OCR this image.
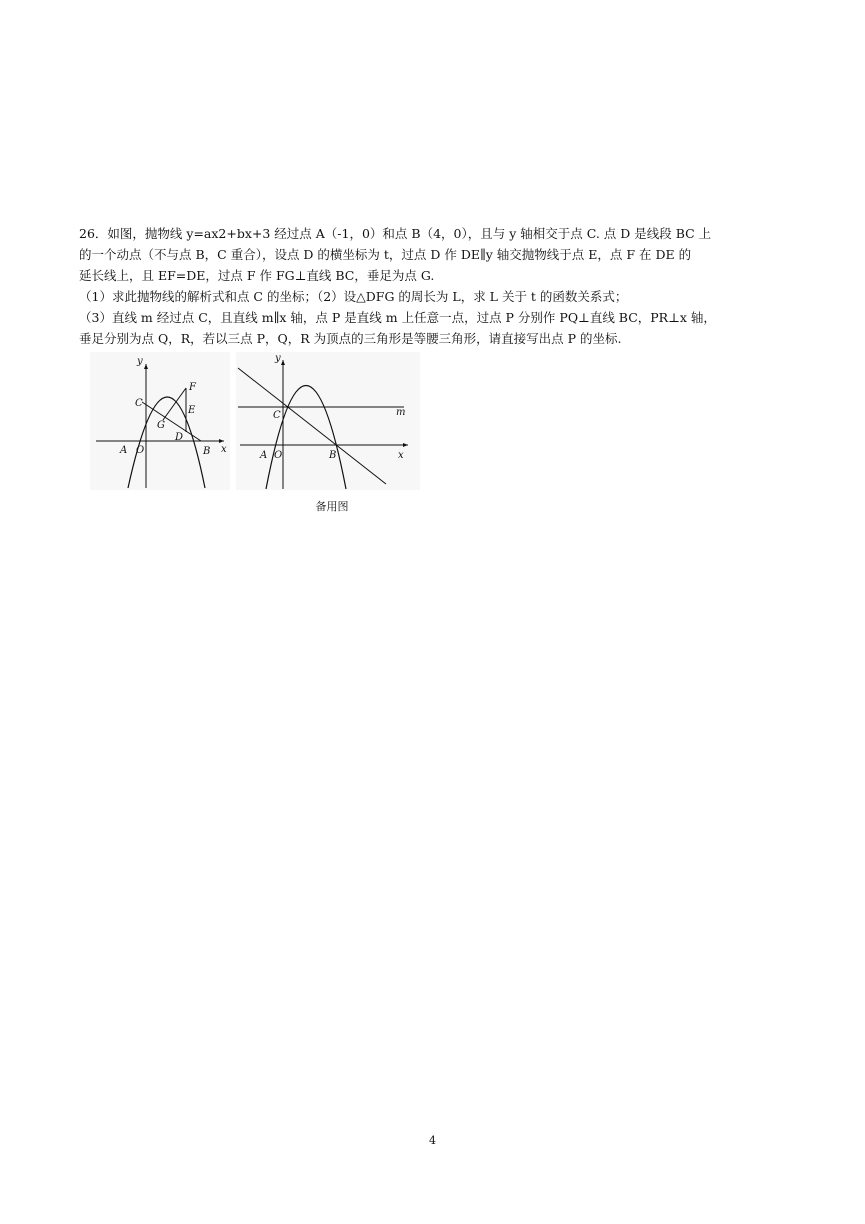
26．如图，抛物线 y=ax2+bx+3 经过点 A（-1，0）和点 B（4，0），且与 y 轴相交于点 C. 点 D 是线段 BC 上

的一个动点（不与点 B，C 重合），设点 D 的横坐标为 t，过点 D 作 DE∥y 轴交抛物线于点 E，点 F 在 DE 的

延长线上，且 EF=DE，过点 F 作 FG⊥直线 BC，垂足为点 G.

（1）求此抛物线的解析式和点 C 的坐标；（2）设△DFG 的周长为 L，求 L 关于 t 的函数关系式；

（3）直线 m 经过点 C，且直线 m∥x 轴，点 P 是直线 m 上任意一点，过点 P 分别作 PQ⊥直线 BC，PR⊥x 轴，

垂足分别为点 Q，R，若以三点 P，Q，R 为顶点的三角形是等腰三角形，请直接写出点 P 的坐标.

y
x
O
A	B
C
D
E
F
G
y
x
O
A	B
C	m
备用图
4
